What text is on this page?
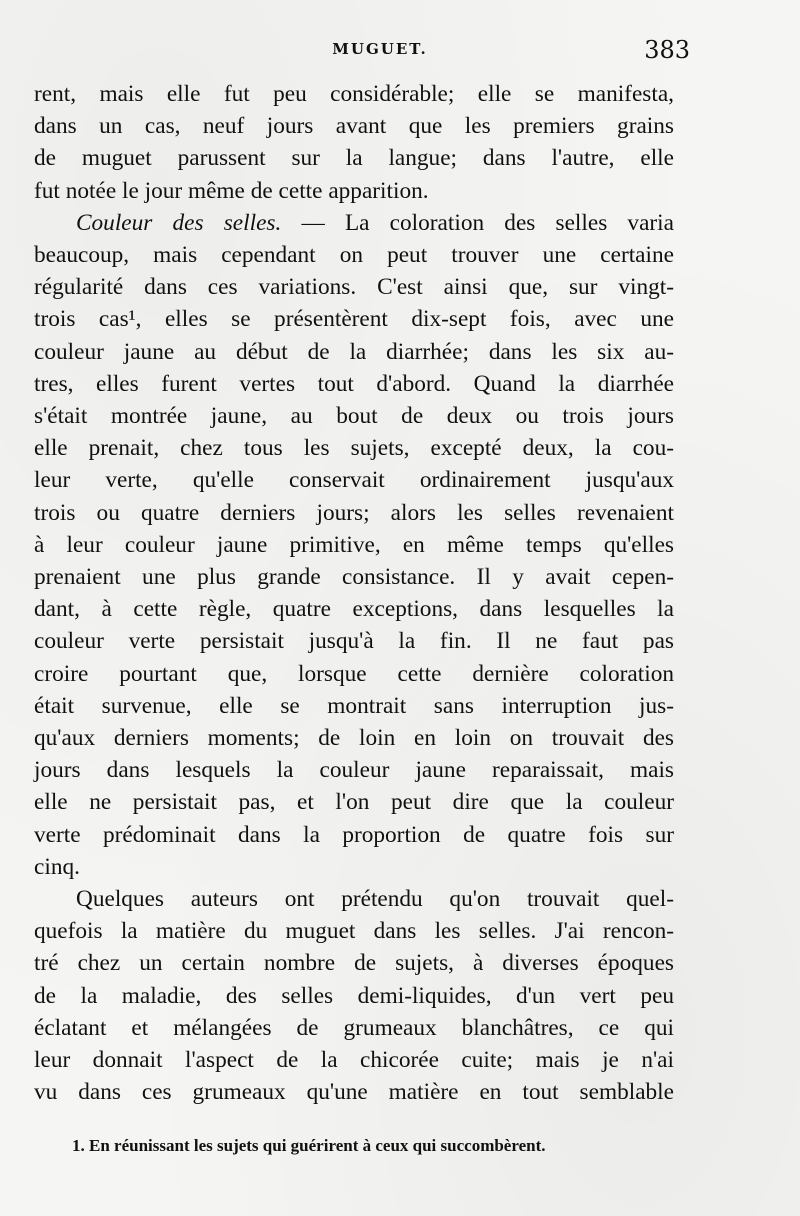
MUGUET.	383

rent, mais elle fut peu considérable; elle se manifesta,

dans un cas, neuf jours avant que les premiers grains

de muguet parussent sur la langue; dans l'autre, elle

fut notée le jour même de cette apparition.

Couleur des selles. — La coloration des selles varia

beaucoup, mais cependant on peut trouver une certaine

régularité dans ces variations. C'est ainsi que, sur vingt-

trois cas¹, elles se présentèrent dix-sept fois, avec une

couleur jaune au début de la diarrhée; dans les six au-

tres, elles furent vertes tout d'abord. Quand la diarrhée

s'était montrée jaune, au bout de deux ou trois jours

elle prenait, chez tous les sujets, excepté deux, la cou-

leur verte, qu'elle conservait ordinairement jusqu'aux

trois ou quatre derniers jours; alors les selles revenaient

à leur couleur jaune primitive, en même temps qu'elles

prenaient une plus grande consistance. Il y avait cepen-

dant, à cette règle, quatre exceptions, dans lesquelles la

couleur verte persistait jusqu'à la fin. Il ne faut pas

croire pourtant que, lorsque cette dernière coloration

était survenue, elle se montrait sans interruption jus-

qu'aux derniers moments; de loin en loin on trouvait des

jours dans lesquels la couleur jaune reparaissait, mais

elle ne persistait pas, et l'on peut dire que la couleur

verte prédominait dans la proportion de quatre fois sur

cinq.

Quelques auteurs ont prétendu qu'on trouvait quel-

quefois la matière du muguet dans les selles. J'ai rencon-

tré chez un certain nombre de sujets, à diverses époques

de la maladie, des selles demi-liquides, d'un vert peu

éclatant et mélangées de grumeaux blanchâtres, ce qui

leur donnait l'aspect de la chicorée cuite; mais je n'ai

vu dans ces grumeaux qu'une matière en tout semblable

1. En réunissant les sujets qui guérirent à ceux qui succombèrent.
